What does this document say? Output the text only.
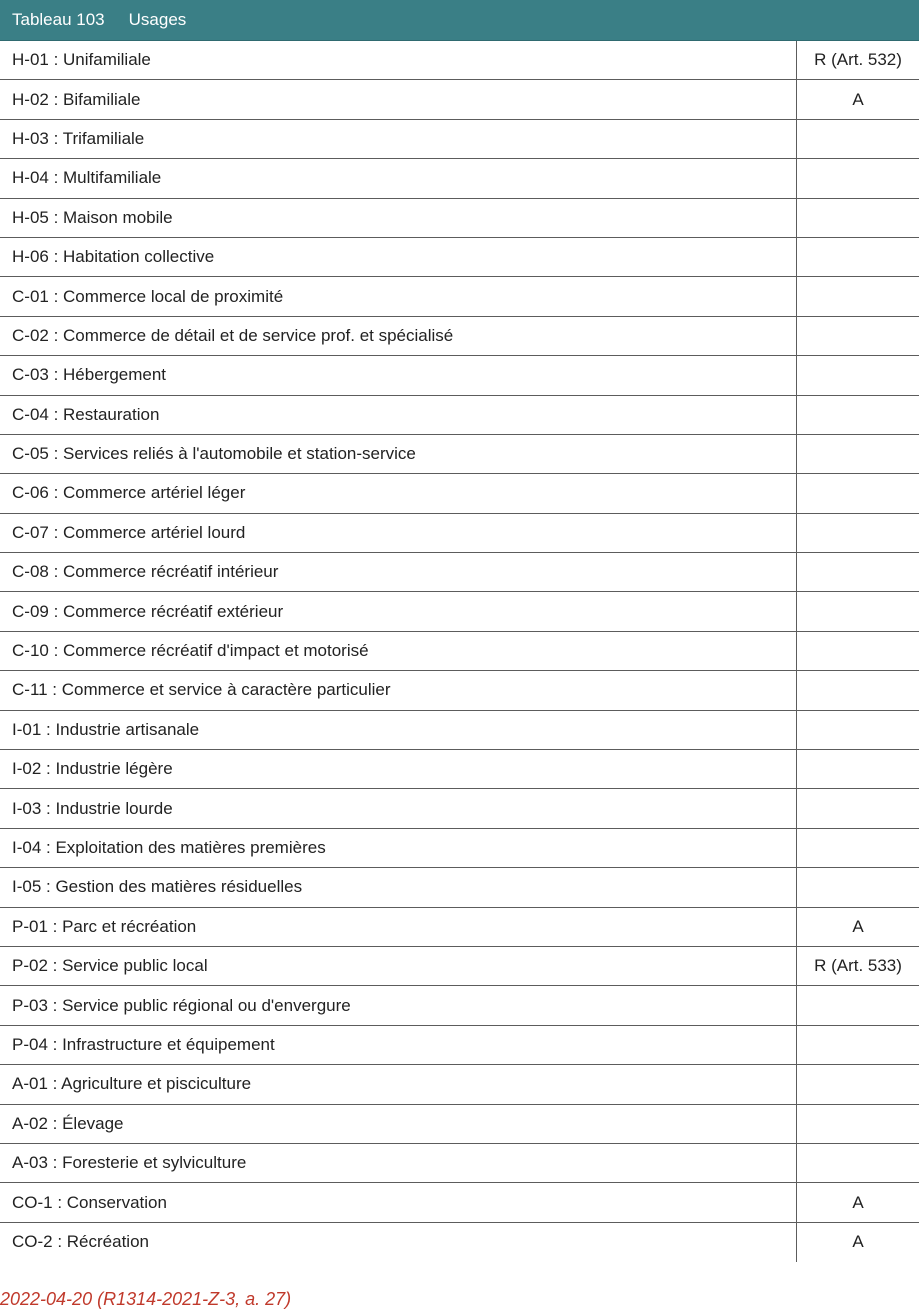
Tableau 103 Usages
H-01 : Unifamiliale	R (Art. 532)
H-02 : Bifamiliale	A
H-03 : Trifamiliale
H-04 : Multifamiliale
H-05 : Maison mobile
H-06 : Habitation collective
C-01 : Commerce local de proximité
C-02 : Commerce de détail et de service prof. et spécialisé
C-03 : Hébergement
C-04 : Restauration
C-05 : Services reliés à l'automobile et station-service
C-06 : Commerce artériel léger
C-07 : Commerce artériel lourd
C-08 : Commerce récréatif intérieur
C-09 : Commerce récréatif extérieur
C-10 : Commerce récréatif d'impact et motorisé
C-11 : Commerce et service à caractère particulier
I-01 : Industrie artisanale
I-02 : Industrie légère
I-03 : Industrie lourde
I-04 : Exploitation des matières premières
I-05 : Gestion des matières résiduelles
P-01 : Parc et récréation	A
P-02 : Service public local	R (Art. 533)
P-03 : Service public régional ou d'envergure
P-04 : Infrastructure et équipement
A-01 : Agriculture et pisciculture
A-02 : Élevage
A-03 : Foresterie et sylviculture
CO-1 : Conservation	A
CO-2 : Récréation	A
2022-04-20 (R1314-2021-Z-3, a. 27)
